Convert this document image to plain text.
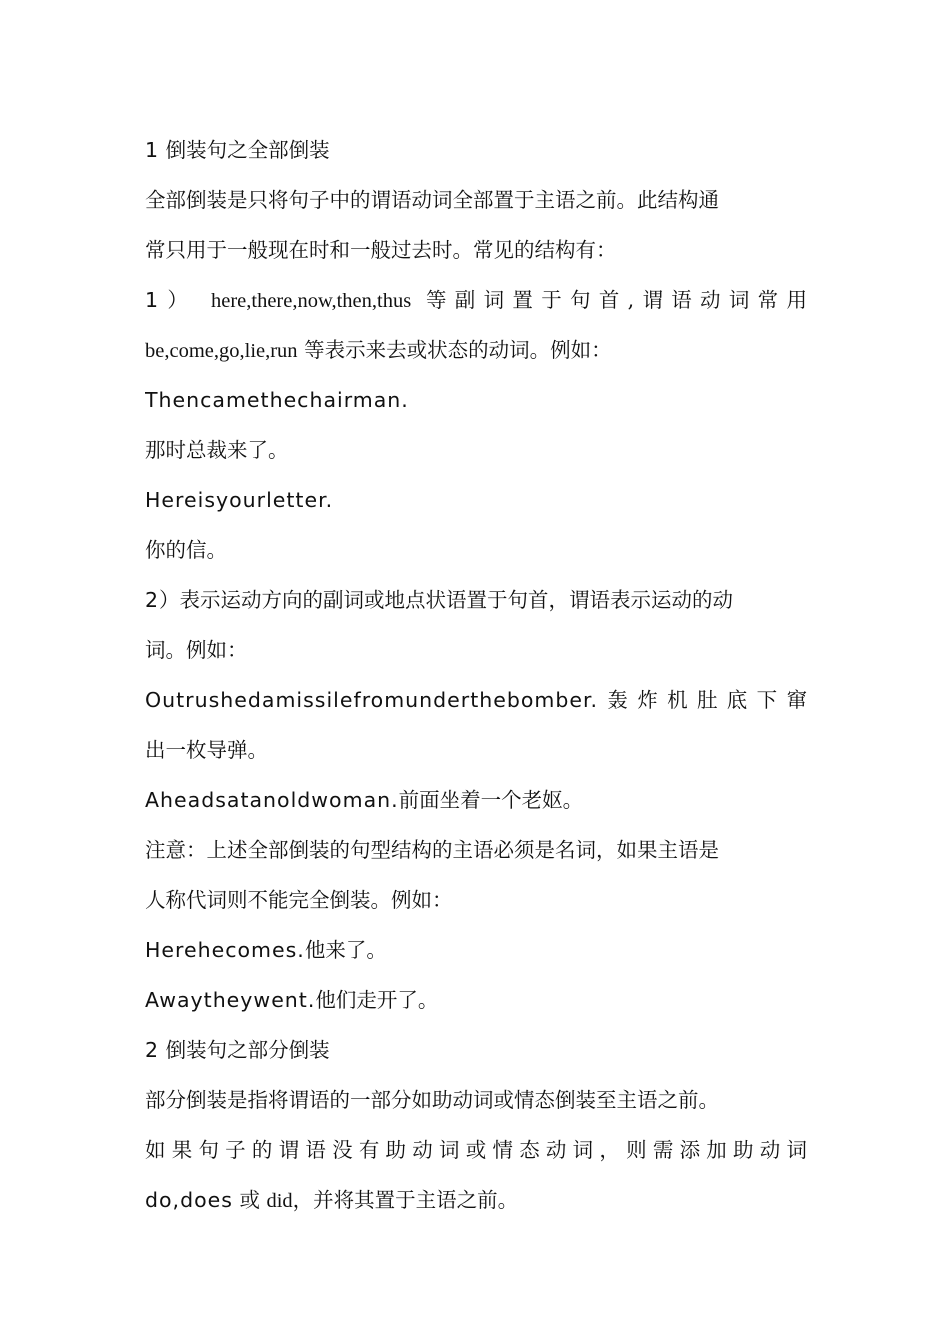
1 倒装句之全部倒装
全部倒装是只将句子中的谓语动词全部置于主语之前。此结构通
常只用于一般现在时和一般过去时。常见的结构有：
1） here,there,now,then,thus 等副词置于句首,谓语动词常用
be,come,go,lie,run 等表示来去或状态的动词。例如：
Thencamethechairman.
那时总裁来了。
Hereisyourletter.
你的信。
2）表示运动方向的副词或地点状语置于句首，谓语表示运动的动
词。例如：
Outrushedamissilefromunderthebomber.轰炸机肚底下窜
出一枚导弹。
Aheadsatanoldwoman.前面坐着一个老妪。
注意：上述全部倒装的句型结构的主语必须是名词，如果主语是
人称代词则不能完全倒装。例如：
Herehecomes.他来了。
Awaytheywent.他们走开了。
2 倒装句之部分倒装
部分倒装是指将谓语的一部分如助动词或情态倒装至主语之前。
如果句子的谓语没有助动词或情态动词，则需添加助动词
do,does 或 did，并将其置于主语之前。
